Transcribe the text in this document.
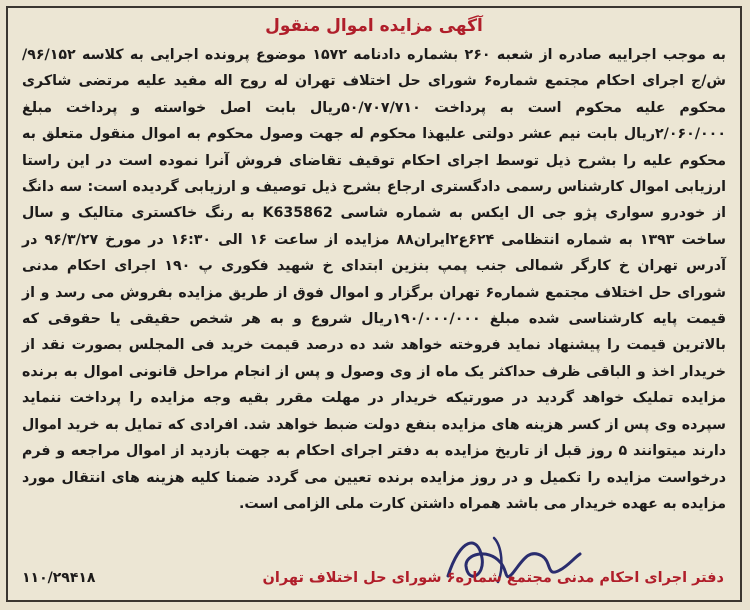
آگهی مزایده اموال منقول
به موجب اجراییه صادره از شعبه ۲۶۰ بشماره دادنامه ۱۵۷۲ موضوع پرونده اجرایی به کلاسه ۹۶/۱۵۲/ش/ج اجرای احکام مجتمع شماره۶ شورای حل اختلاف تهران له روح اله مفید علیه مرتضی شاکری محکوم علیه محکوم است به پرداخت ۵۰/۷۰۷/۷۱۰ریال بابت اصل خواسته و پرداخت مبلغ ۲/۰۶۰/۰۰۰ریال بابت نیم عشر دولتی علیهذا محکوم له جهت وصول محکوم به اموال منقول متعلق به محکوم علیه را بشرح ذیل توسط اجرای احکام توقیف تقاضای فروش آنرا نموده است در این راستا ارزیابی اموال کارشناس رسمی دادگستری ارجاع بشرح ذیل توصیف و ارزیابی گردیده است: سه دانگ از خودرو سواری پژو جی ال ایکس به شماره شاسی K635862 به رنگ خاکستری متالیک و سال ساخت ۱۳۹۳ به شماره انتظامی ۶۲۴ع۲ایران۸۸ مزایده از ساعت ۱۶ الی ۱۶:۳۰ در مورخ ۹۶/۳/۲۷ در آدرس تهران خ کارگر شمالی جنب پمپ بنزین ابتدای خ شهید فکوری پ ۱۹۰ اجرای احکام مدنی شورای حل اختلاف مجتمع شماره۶ تهران برگزار و اموال فوق از طریق مزایده بفروش می رسد و از قیمت پایه کارشناسی شده مبلغ ۱۹۰/۰۰۰/۰۰۰ریال شروع و به هر شخص حقیقی یا حقوقی که بالاترین قیمت را پیشنهاد نماید فروخته خواهد شد ده درصد قیمت خرید فی المجلس بصورت نقد از خریدار اخذ و الباقی ظرف حداکثر یک ماه از وی وصول و پس از انجام مراحل قانونی اموال به برنده مزایده تملیک خواهد گردید در صورتیکه خریدار در مهلت مقرر بقیه وجه مزایده را پرداخت ننماید سپرده وی پس از کسر هزینه های مزایده بنفع دولت ضبط خواهد شد. افرادی که تمایل به خرید اموال دارند میتوانند ۵ روز قبل از تاریخ مزایده به دفتر اجرای احکام به جهت بازدید از اموال مراجعه و فرم درخواست مزایده را تکمیل و در روز مزایده برنده تعیین می گردد ضمنا کلیه هزینه های انتقال مورد مزایده به عهده خریدار می باشد همراه داشتن کارت ملی الزامی است.
دفتر اجرای احکام مدنی مجتمع شماره۶ شورای حل اختلاف تهران
۱۱۰/۲۹۴۱۸
